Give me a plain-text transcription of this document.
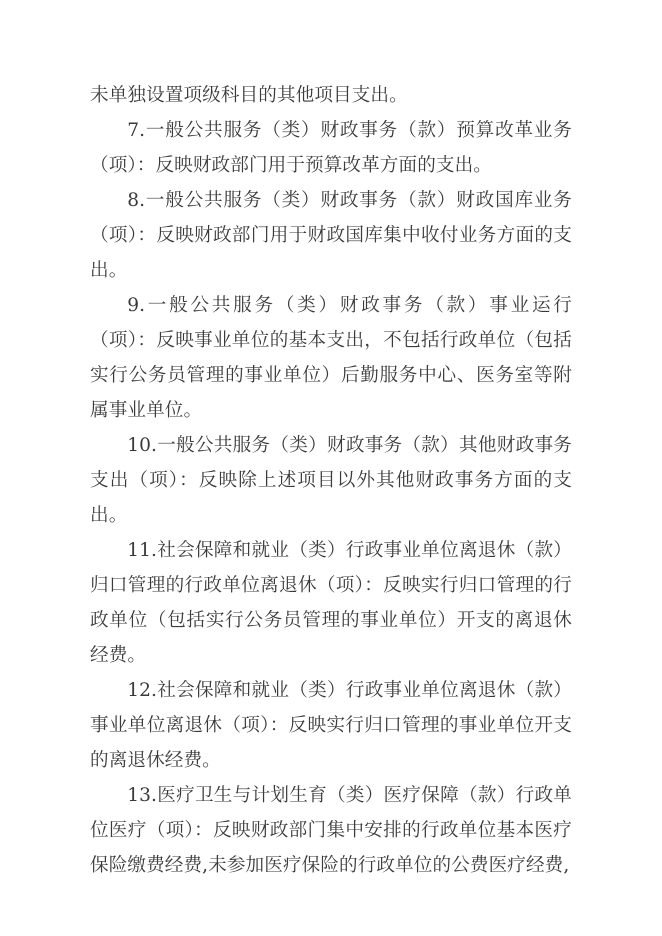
未单独设置项级科目的其他项目支出。

7.一般公共服务（类）财政事务（款）预算改革业务（项）：反映财政部门用于预算改革方面的支出。

8.一般公共服务（类）财政事务（款）财政国库业务（项）：反映财政部门用于财政国库集中收付业务方面的支出。

9.一般公共服务（类）财政事务（款）事业运行（项）：反映事业单位的基本支出，不包括行政单位（包括实行公务员管理的事业单位）后勤服务中心、医务室等附属事业单位。

10.一般公共服务（类）财政事务（款）其他财政事务支出（项）：反映除上述项目以外其他财政事务方面的支出。

11.社会保障和就业（类）行政事业单位离退休（款）归口管理的行政单位离退休（项）：反映实行归口管理的行政单位（包括实行公务员管理的事业单位）开支的离退休经费。

12.社会保障和就业（类）行政事业单位离退休（款）事业单位离退休（项）：反映实行归口管理的事业单位开支的离退休经费。

13.医疗卫生与计划生育（类）医疗保障（款）行政单位医疗（项）：反映财政部门集中安排的行政单位基本医疗保险缴费经费,未参加医疗保险的行政单位的公费医疗经费,
